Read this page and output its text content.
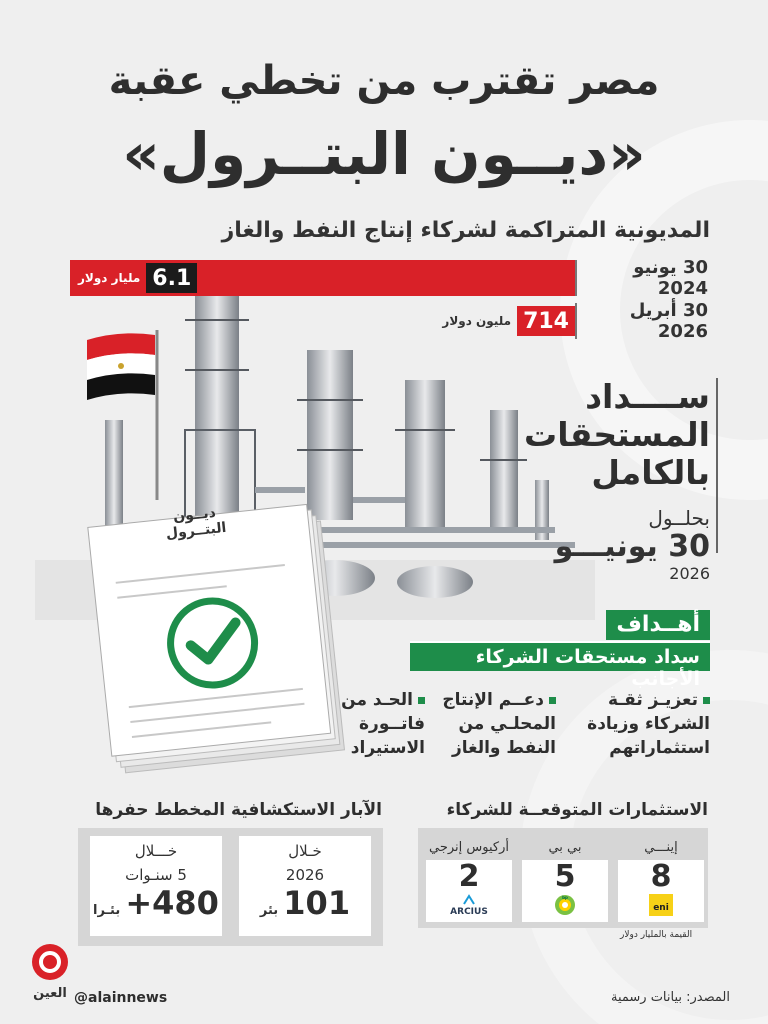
مصر تقترب من تخطي عقبة
«ديــون البتــرول»
المديونية المتراكمة لشركاء إنتاج النفط والغاز
30 يونيو 2024
6.1
مليار دولار
30 أبريل 2026
714
مليون دولار
ديــون
البتــرول
ســــداد
المستحقات
بالكامل
بحلــول
30 يونيـــو
2026
أهــداف
سداد مستحقات الشركاء الأجانب
تعزيـز ثقـة
الشركاء وزيادة
استثماراتهم
دعــم الإنتاج
المحلـي من
النفط والغاز
الحـد من
فاتــورة
الاستيراد
الآبار الاستكشافية المخطط حفرها	الاستثمارات المتوقعــة للشركاء
خـلال
2026
101 بئر
خـــلال
5 سنـوات
480+ بئـرا
إينـــي
8
eni
بي بي
5
bp
أركيوس إنرجي
2
ARCIUS
القيمة بالمليار دولار
العين @alainnews	المصدر: بيانات رسمية
